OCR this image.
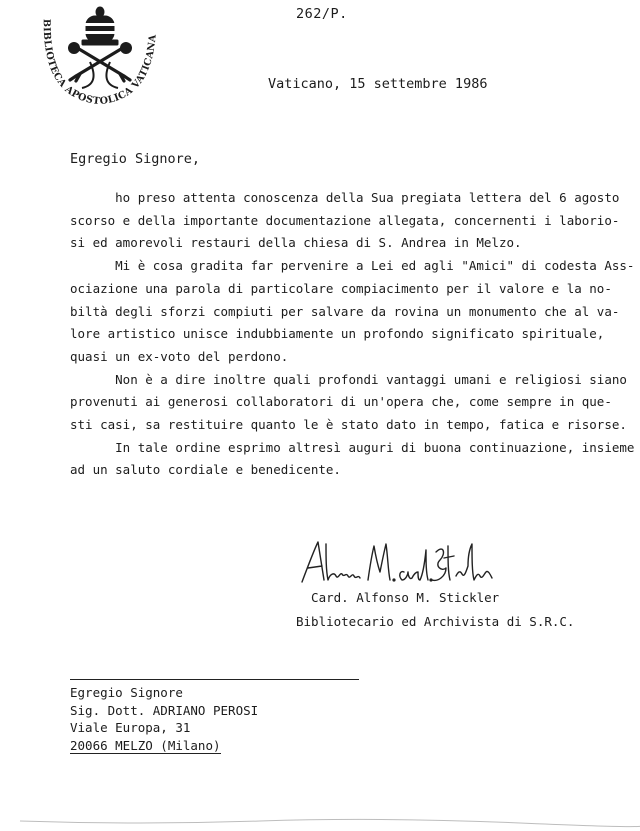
BIBLIOTECA APOSTOLICA VATICANA
262/P.
Vaticano, 15 settembre 1986
Egregio Signore,

ho preso attenta conoscenza della Sua pregiata lettera del 6 agosto

scorso e della importante documentazione allegata, concernenti i laborio-

si ed amorevoli restauri della chiesa di S. Andrea in Melzo.

Mi è cosa gradita far pervenire a Lei ed agli "Amici" di codesta Ass-

ociazione una parola di particolare compiacimento per il valore e la no-

biltà degli sforzi compiuti per salvare da rovina un monumento che al va-

lore artistico unisce indubbiamente un profondo significato spirituale,

quasi un ex-voto del perdono.

Non è a dire inoltre quali profondi vantaggi umani e religiosi siano

provenuti ai generosi collaboratori di un'opera che, come sempre in que-

sti casi, sa restituire quanto le è stato dato in tempo, fatica e risorse.

In tale ordine esprimo altresì auguri di buona continuazione, insieme

ad un saluto cordiale e benedicente.

Card. Alfonso M. Stickler
Bibliotecario ed Archivista di S.R.C.
Egregio Signore
Sig. Dott. ADRIANO PEROSI
Viale Europa, 31
20066 MELZO (Milano)
